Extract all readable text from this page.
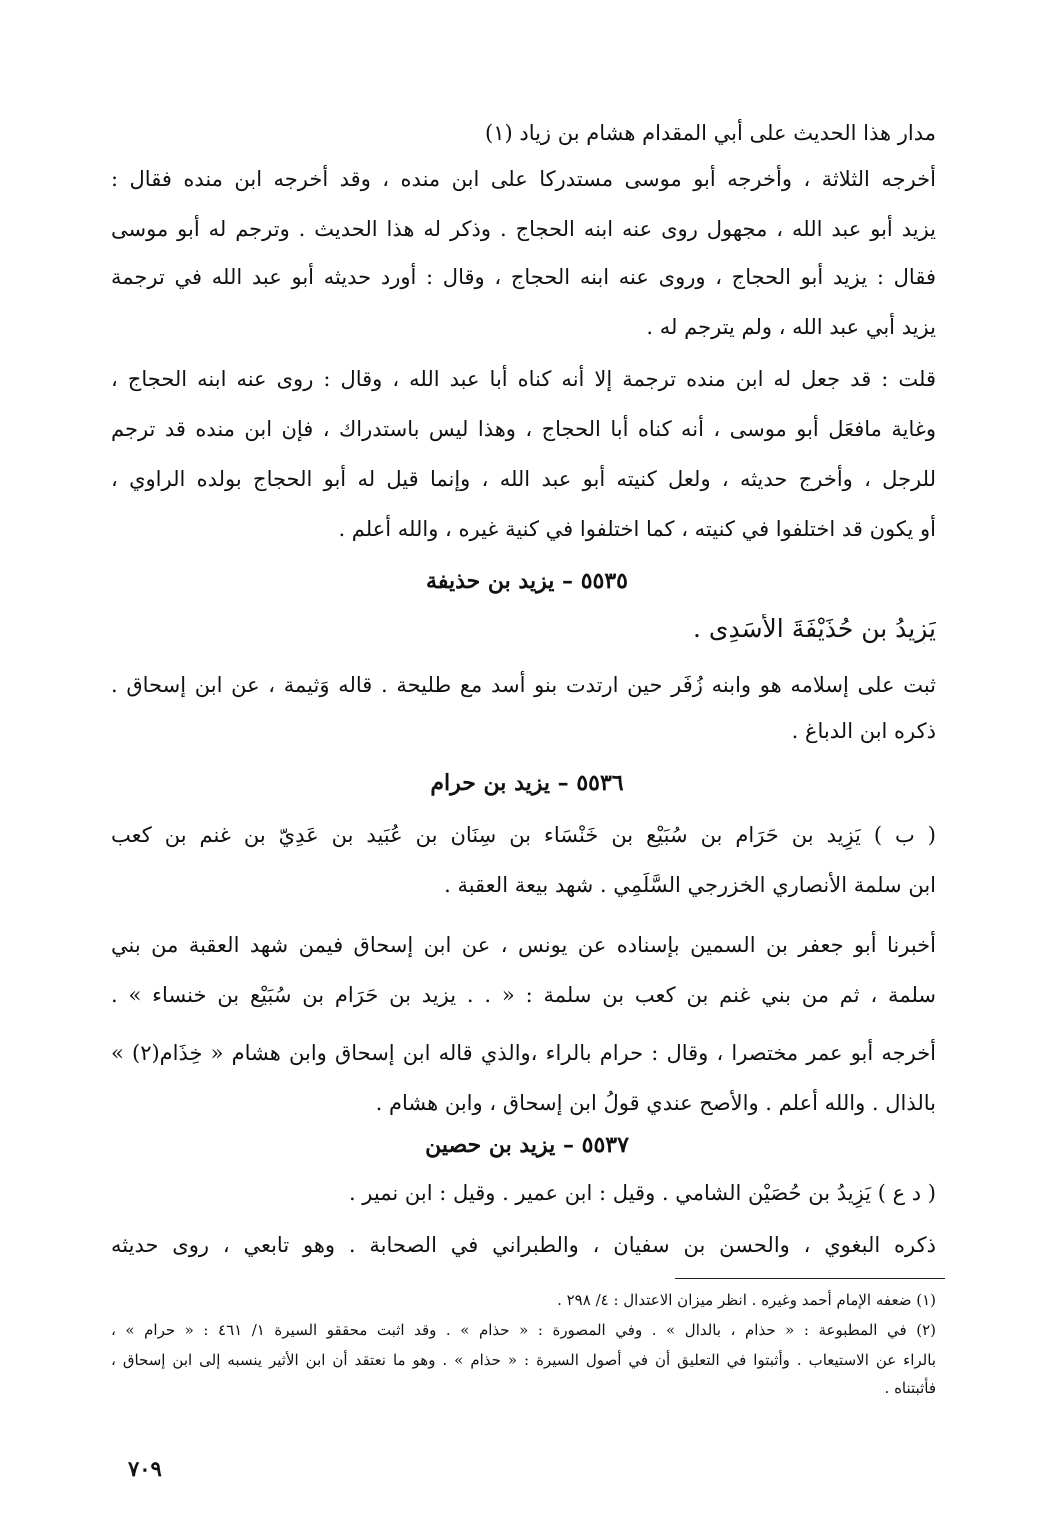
مدار هذا الحديث على أبي المقدام هشام بن زياد (١)
أخرجه الثلاثة ، وأخرجه أبو موسى مستدركا على ابن منده ، وقد أخرجه ابن منده فقال :
يزيد أبو عبد الله ، مجهول روى عنه ابنه الحجاج . وذكر له هذا الحديث . وترجم له أبو موسى
فقال : يزيد أبو الحجاج ، وروى عنه ابنه الحجاج ، وقال : أورد حديثه أبو عبد الله في ترجمة
يزيد أبي عبد الله ، ولم يترجم له .
قلت : قد جعل له ابن منده ترجمة إلا أنه كناه أبا عبد الله ، وقال : روى عنه ابنه الحجاج ،
وغاية مافعَل أبو موسى ، أنه كناه أبا الحجاج ، وهذا ليس باستدراك ، فإن ابن منده قد ترجم
للرجل ، وأخرج حديثه ، ولعل كنيته أبو عبد الله ، وإنما قيل له أبو الحجاج بولده الراوي ،
أو يكون قد اختلفوا في كنيته ، كما اختلفوا في كنية غيره ، والله أعلم .
٥٥٣٥ – يزيد بن حذيفة
يَزِيدُ بن حُذَيْفَةَ الأَسَدِى .
ثبت على إسلامه هو وابنه زُفَر حين ارتدت بنو أسد مع طليحة . قاله وَثيمة ، عن ابن إسحاق .
ذكره ابن الدباغ .
٥٥٣٦ – يزيد بن حرام
( ب ) يَزِيد بن حَرَام بن سُبَيْع بن خَنْسَاء بن سِنَان بن عُبَيد بن عَدِيّ بن غنم بن كعب
ابن سلمة الأنصاري الخزرجي السَّلَمِي . شهد بيعة العقبة .
أخبرنا أبو جعفر بن السمين بإسناده عن يونس ، عن ابن إسحاق فيمن شهد العقبة من بني
سلمة ، ثم من بني غنم بن كعب بن سلمة : « . . يزيد بن حَرَام بن سُبَيْع بن خنساء » .
أخرجه أبو عمر مختصرا ، وقال : حرام بالراء ،والذي قاله ابن إسحاق وابن هشام « خِذَام(٢) »
بالذال . والله أعلم . والأصح عندي قولُ ابن إسحاق ، وابن هشام .
٥٥٣٧ – يزيد بن حصين
( د ع ) يَزِيدُ بن حُصَيْن الشامي . وقيل : ابن عمير . وقيل : ابن نمير .
ذكره البغوي ، والحسن بن سفيان ، والطبراني في الصحابة . وهو تابعي ، روى حديثه
(١) ضعفه الإمام أحمد وغيره . انظر ميزان الاعتدال : ٤/ ٢٩٨ .
(٢) في المطبوعة : « حذام ، بالدال » . وفي المصورة : « حذام » . وقد اثبت محققو السيرة ١/ ٤٦١ : « حرام » ،
بالراء عن الاستيعاب . وأثبتوا في التعليق أن في أصول السيرة : « حذام » . وهو ما نعتقد أن ابن الأثير ينسبه إلى ابن إسحاق ،
فأثبتناه .
٧٠٩
